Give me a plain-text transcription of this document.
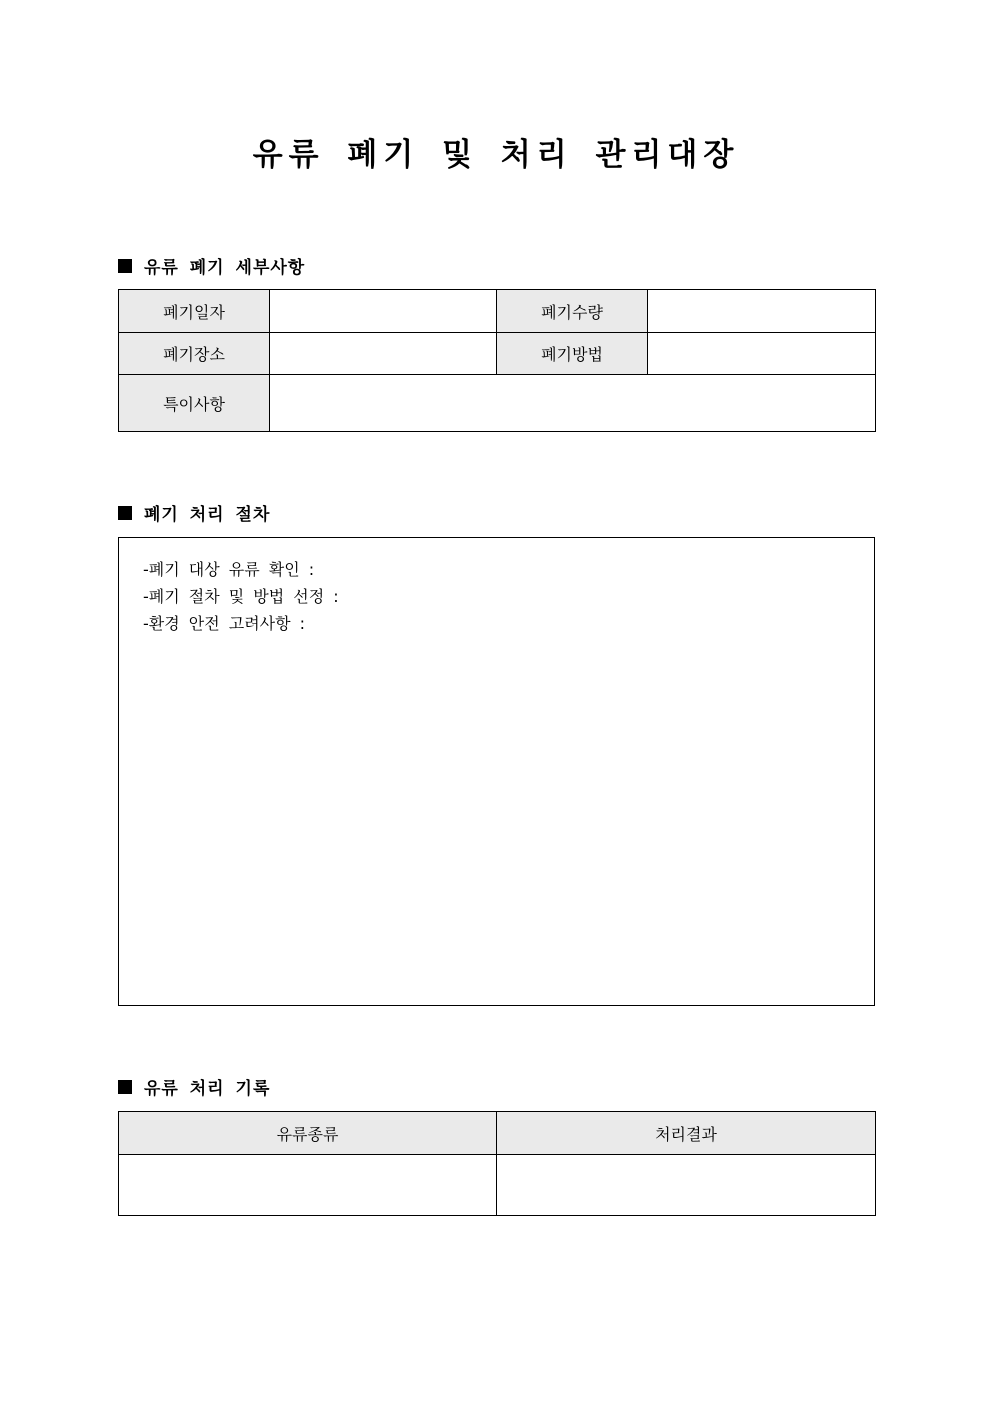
유류 폐기 및 처리 관리대장
유류 폐기 세부사항
폐기일자		폐기수량	
폐기장소		폐기방법	
특이사항			
폐기 처리 절차
-폐기 대상 유류 확인 :
-폐기 절차 및 방법 선정 :
-환경 안전 고려사항 :
유류 처리 기록
유류종류	처리결과
